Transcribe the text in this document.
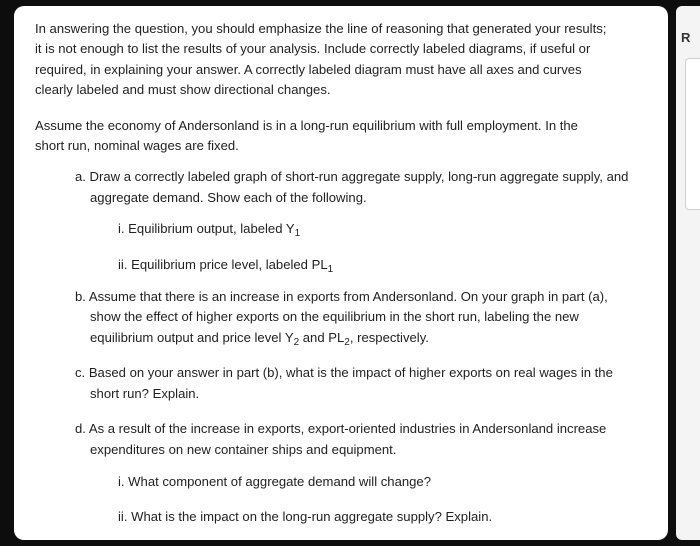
In answering the question, you should emphasize the line of reasoning that generated your results;
it is not enough to list the results of your analysis. Include correctly labeled diagrams, if useful or
required, in explaining your answer. A correctly labeled diagram must have all axes and curves
clearly labeled and must show directional changes.

Assume the economy of Andersonland is in a long-run equilibrium with full employment. In the
short run, nominal wages are fixed.

a. Draw a correctly labeled graph of short-run aggregate supply, long-run aggregate supply, and
aggregate demand. Show each of the following.

i. Equilibrium output, labeled $Y_1$

ii. Equilibrium price level, labeled $PL_1$

b. Assume that there is an increase in exports from Andersonland. On your graph in part (a),
show the effect of higher exports on the equilibrium in the short run, labeling the new
equilibrium output and price level $Y_2$ and $PL_2$, respectively.

c. Based on your answer in part (b), what is the impact of higher exports on real wages in the
short run? Explain.

d. As a result of the increase in exports, export-oriented industries in Andersonland increase
expenditures on new container ships and equipment.

i. What component of aggregate demand will change?

ii. What is the impact on the long-run aggregate supply? Explain.

R
